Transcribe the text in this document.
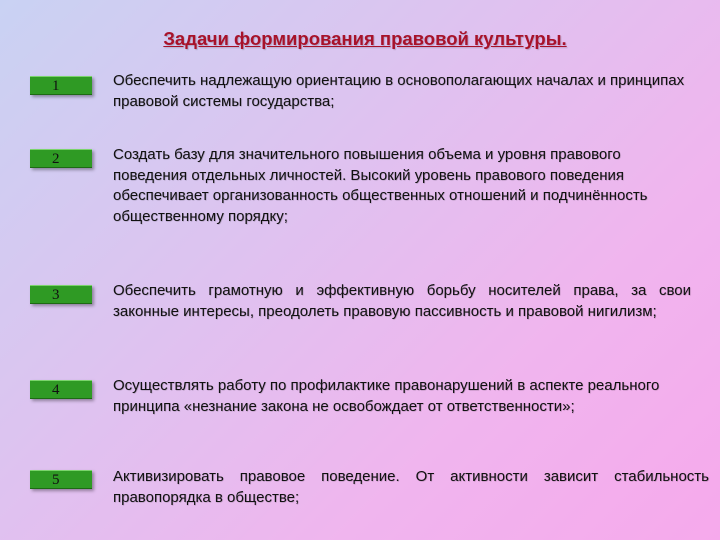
Задачи формирования правовой культуры.
1	Обеспечить надлежащую ориентацию в основополагающих началах и принципах правовой системы государства;
2	Создать базу для значительного повышения объема и уровня правового поведения отдельных личностей. Высокий уровень правового поведения обеспечивает организованность общественных отношений и подчинённость общественному порядку;
3	Обеспечить грамотную и эффективную борьбу носителей права, за свои законные интересы, преодолеть правовую пассивность и правовой нигилизм;
4	Осуществлять работу по профилактике правонарушений в аспекте реального принципа «незнание закона не освобождает от ответственности»;
5	Активизировать правовое поведение. От активности зависит стабильность правопорядка в обществе;
